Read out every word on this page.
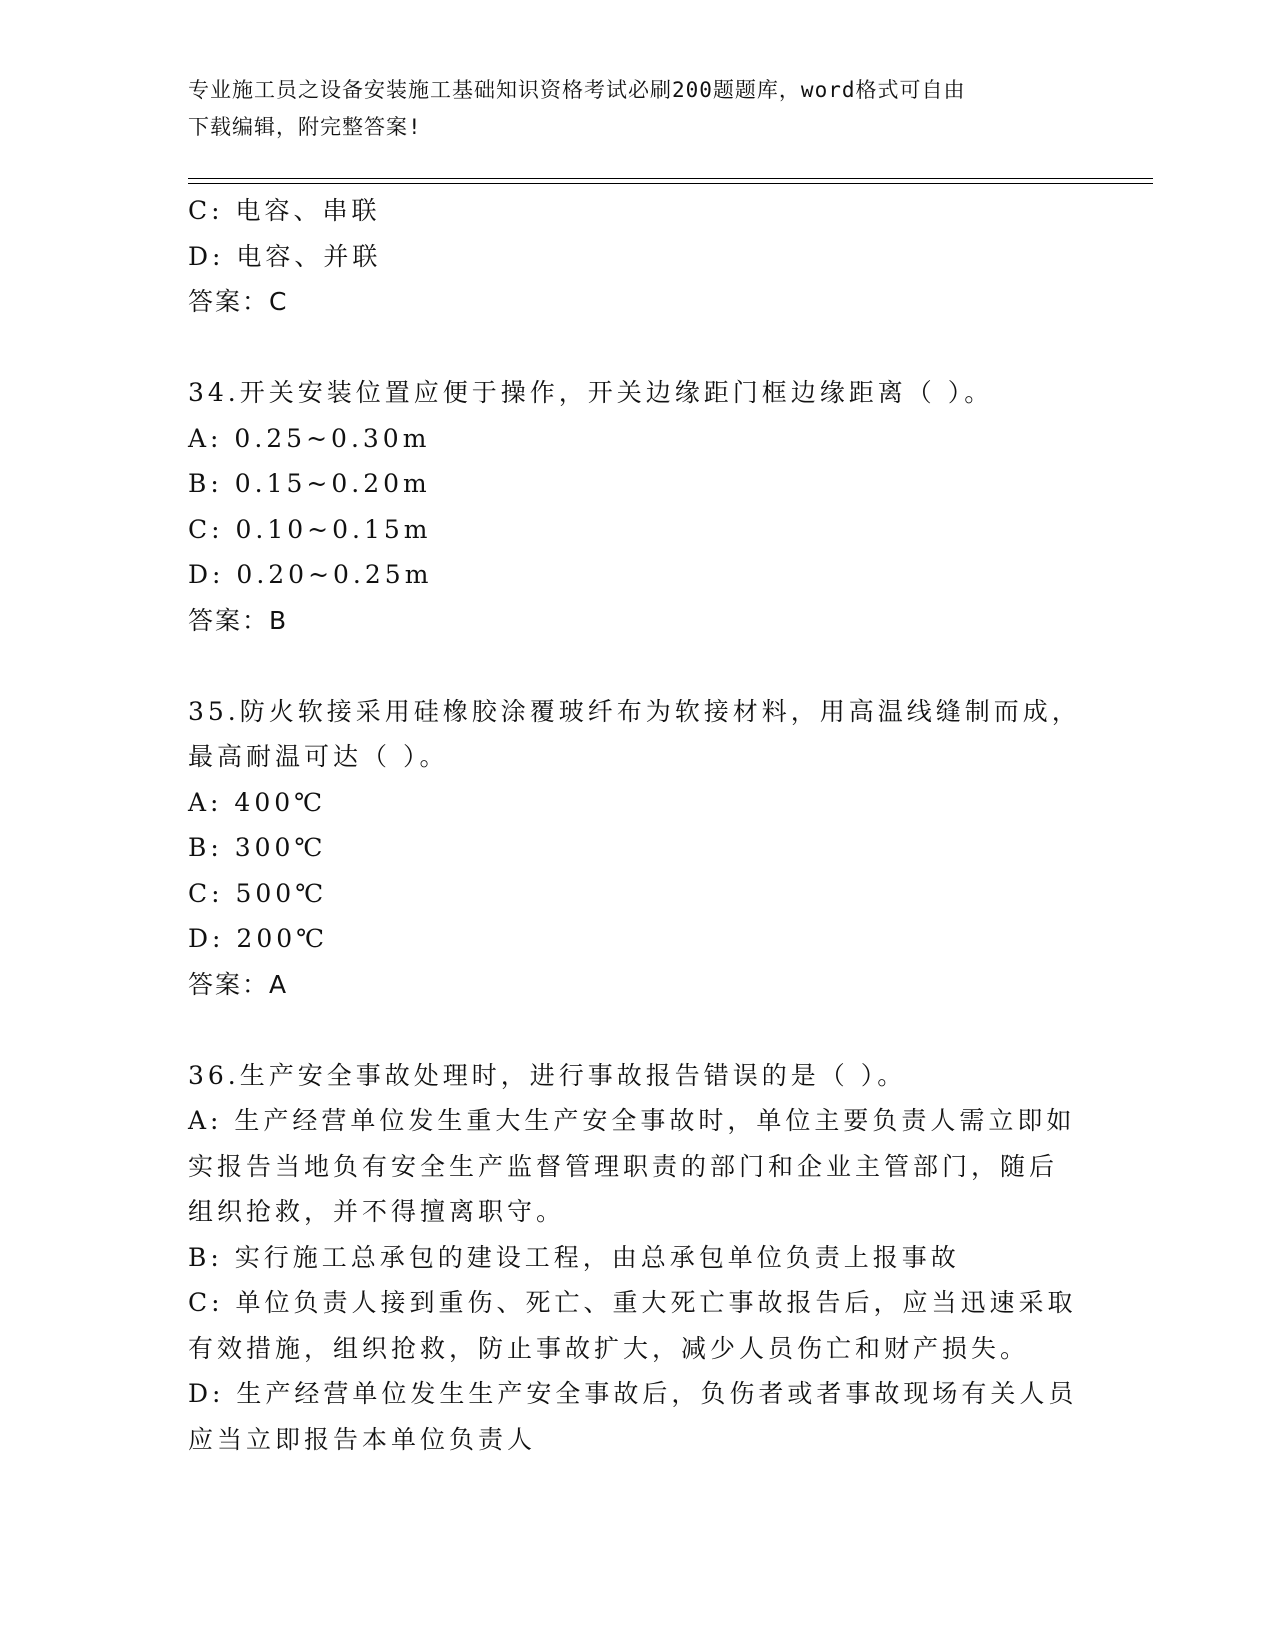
专业施工员之设备安装施工基础知识资格考试必刷200题题库，word格式可自由
下载编辑，附完整答案!

C: 电容、串联

D: 电容、并联

答案：C

34.开关安装位置应便于操作，开关边缘距门框边缘距离（ ）。

A: 0.25~0.30m

B: 0.15~0.20m

C: 0.10~0.15m

D: 0.20~0.25m

答案：B

35.防火软接采用硅橡胶涂覆玻纤布为软接材料，用高温线缝制而成，

最高耐温可达（ ）。

A: 400℃

B: 300℃

C: 500℃

D: 200℃

答案：A

36.生产安全事故处理时，进行事故报告错误的是（ ）。

A: 生产经营单位发生重大生产安全事故时，单位主要负责人需立即如

实报告当地负有安全生产监督管理职责的部门和企业主管部门，随后

组织抢救，并不得擅离职守。

B: 实行施工总承包的建设工程，由总承包单位负责上报事故

C: 单位负责人接到重伤、死亡、重大死亡事故报告后，应当迅速采取

有效措施，组织抢救，防止事故扩大，减少人员伤亡和财产损失。

D: 生产经营单位发生生产安全事故后，负伤者或者事故现场有关人员

应当立即报告本单位负责人
